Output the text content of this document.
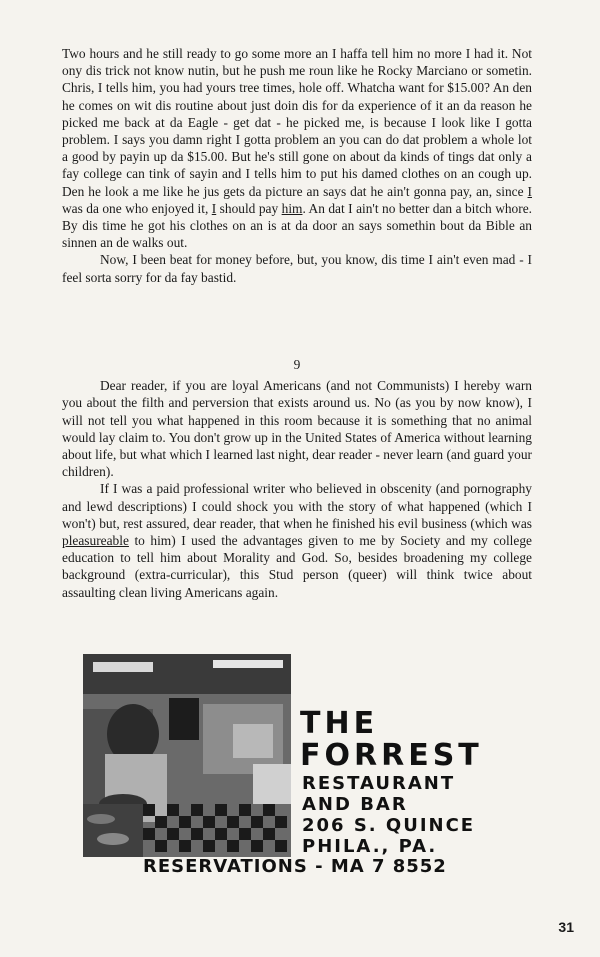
Two hours and he still ready to go some more an I haffa tell him no more I had it. Not ony dis trick not know nutin, but he push me roun like he Rocky Marciano or sometin. Chris, I tells him, you had yours tree times, hole off. Whatcha want for $15.00? An den he comes on wit dis routine about just doin dis for da experience of it an da reason he picked me back at da Eagle - get dat - he picked me, is because I look like I gotta problem. I says you damn right I gotta problem an you can do dat problem a whole lot a good by payin up da $15.00. But he's still gone on about da kinds of tings dat only a fay college can tink of sayin and I tells him to put his damed clothes on an cough up. Den he look a me like he jus gets da picture an says dat he ain't gonna pay, an, since I was da one who enjoyed it, I should pay him. An dat I ain't no better dan a bitch whore. By dis time he got his clothes on an is at da door an says somethin bout da Bible an sinnen an de walks out.

Now, I been beat for money before, but, you know, dis time I ain't even mad - I feel sorta sorry for da fay bastid.

9

Dear reader, if you are loyal Americans (and not Communists) I hereby warn you about the filth and perversion that exists around us. No (as you by now know), I will not tell you what happened in this room because it is something that no animal would lay claim to. You don't grow up in the United States of America without learning about life, but what which I learned last night, dear reader - never learn (and guard your children).

If I was a paid professional writer who believed in obscenity (and pornography and lewd descriptions) I could shock you with the story of what happened (which I won't) but, rest assured, dear reader, that when he finished his evil business (which was pleasureable to him) I used the advantages given to me by Society and my college education to tell him about Morality and God. So, besides broadening my college background (extra-curricular), this Stud person (queer) will think twice about assaulting clean living Americans again.

THE
FORREST
RESTAURANT
AND BAR
206 S. QUINCE
PHILA., PA.
RESERVATIONS - MA 7 8552
31
